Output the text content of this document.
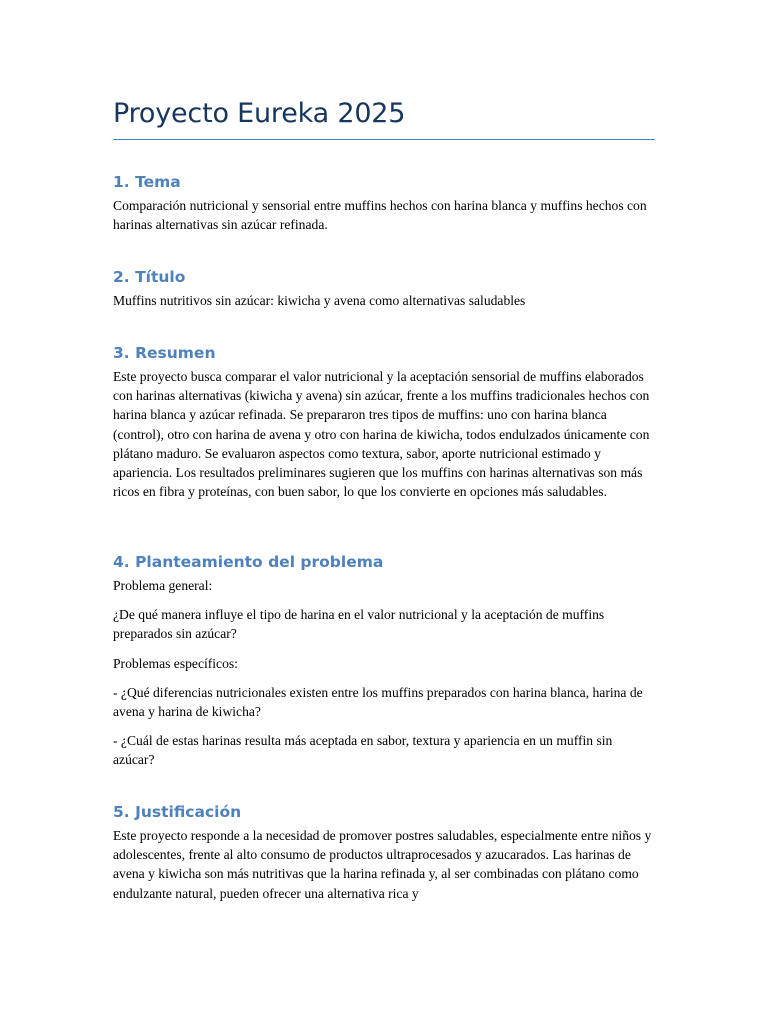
Proyecto Eureka 2025
1. Tema

Comparación nutricional y sensorial entre muffins hechos con harina blanca y muffins hechos con harinas alternativas sin azúcar refinada.

2. Título

Muffins nutritivos sin azúcar: kiwicha y avena como alternativas saludables

3. Resumen

Este proyecto busca comparar el valor nutricional y la aceptación sensorial de muffins elaborados con harinas alternativas (kiwicha y avena) sin azúcar, frente a los muffins tradicionales hechos con harina blanca y azúcar refinada. Se prepararon tres tipos de muffins: uno con harina blanca (control), otro con harina de avena y otro con harina de kiwicha, todos endulzados únicamente con plátano maduro. Se evaluaron aspectos como textura, sabor, aporte nutricional estimado y apariencia. Los resultados preliminares sugieren que los muffins con harinas alternativas son más ricos en fibra y proteínas, con buen sabor, lo que los convierte en opciones más saludables.

4. Planteamiento del problema

Problema general:

¿De qué manera influye el tipo de harina en el valor nutricional y la aceptación de muffins preparados sin azúcar?

Problemas específicos:

- ¿Qué diferencias nutricionales existen entre los muffins preparados con harina blanca, harina de avena y harina de kiwicha?

- ¿Cuál de estas harinas resulta más aceptada en sabor, textura y apariencia en un muffin sin azúcar?

5. Justificación

Este proyecto responde a la necesidad de promover postres saludables, especialmente entre niños y adolescentes, frente al alto consumo de productos ultraprocesados y azucarados. Las harinas de avena y kiwicha son más nutritivas que la harina refinada y, al ser combinadas con plátano como endulzante natural, pueden ofrecer una alternativa rica y
